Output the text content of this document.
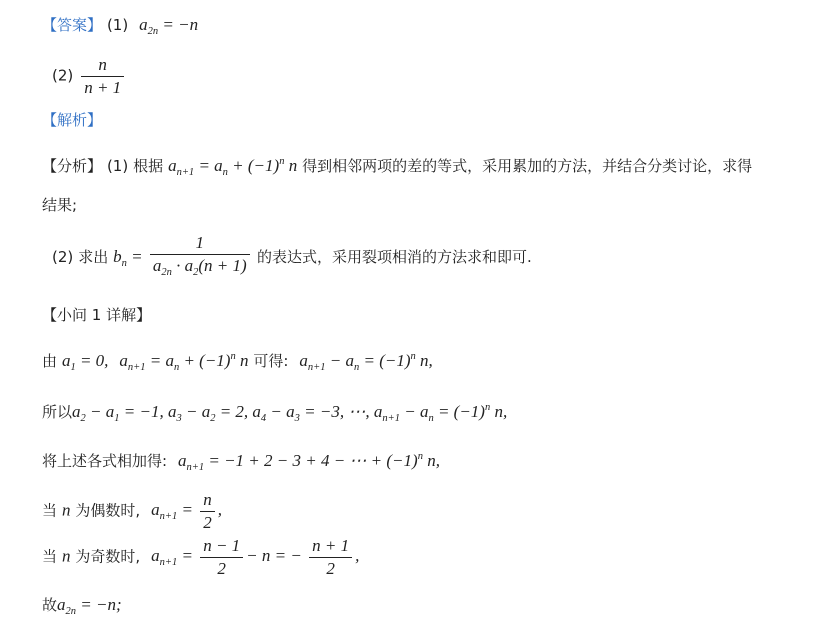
【答案】 (1) $a_{2n} = -n$
$(2) \frac{n}{n + 1}$
【解析】
【分析】 (1) 根据 $a_{n+1} = a_n + (-1)^n$ n 得到相邻两项的差的等式，采用累加的方法，并结合分类讨论，求得
结果;
(2) 求出 $b_n = \frac{1}{a_{2n} \cdot a_2(n + 1)}$ 的表达式，采用裂项相消的方法求和即可.
【小问 1 详解】
由 $a_1 = 0$, $a_{n+1} = a_n + (-1)^n$ n 可得: $a_{n+1} - a_n = (-1)^n$ n,
所以$a_2 - a_1 = -1$, $a_3 - a_2 = 2$, $a_4 - a_3 = -3$, ⋯, $a_{n+1} - a_n = (-1)^n$ n,
将上述各式相加得: $a_{n+1} = -1 + 2 - 3 + 4$ − ⋯ + $(-1)^n$ n,
当 n 为偶数时, $a_{n+1} = \frac{n}{2}$ ,
当 n 为奇数时, $a_{n+1} = \frac{n - 1}{2} - n$ = − $\frac{n + 1}{2}$ ,
故$a_{2n} = -n$;
